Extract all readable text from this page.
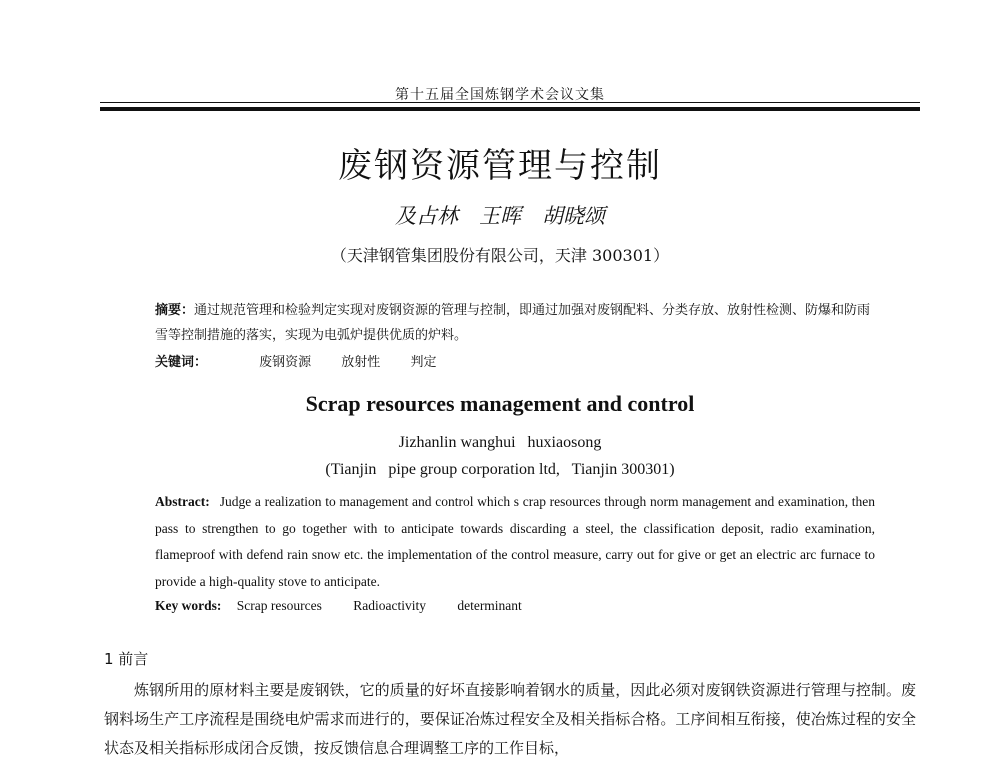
第十五届全国炼钢学术会议文集
废钢资源管理与控制
及占林　王晖　胡晓颂
（天津钢管集团股份有限公司，天津 300301）
摘要：通过规范管理和检验判定实现对废钢资源的管理与控制，即通过加强对废钢配料、分类存放、放射性检测、防爆和防雨雪等控制措施的落实，实现为电弧炉提供优质的炉料。
关键词：	废钢资源 放射性 判定
Scrap resources management and control
Jizhanlin wanghui   huxiaosong
(Tianjin   pipe group corporation ltd,   Tianjin 300301)
Abstract: Judge a realization to management and control which s crap resources through norm management and examination, then pass to strengthen to go together with to anticipate towards discarding a steel, the classification deposit, radio examination, flameproof with defend rain snow etc. the implementation of the control measure, carry out for give or get an electric arc furnace to provide a high-quality stove to anticipate.
Key words: Scrap resources Radioactivity determinant
1 前言
炼钢所用的原材料主要是废钢铁，它的质量的好坏直接影响着钢水的质量，因此必须对废钢铁资源进行管理与控制。废钢料场生产工序流程是围绕电炉需求而进行的，要保证冶炼过程安全及相关指标合格。工序间相互衔接，使冶炼过程的安全状态及相关指标形成闭合反馈，按反馈信息合理调整工序的工作目标，
